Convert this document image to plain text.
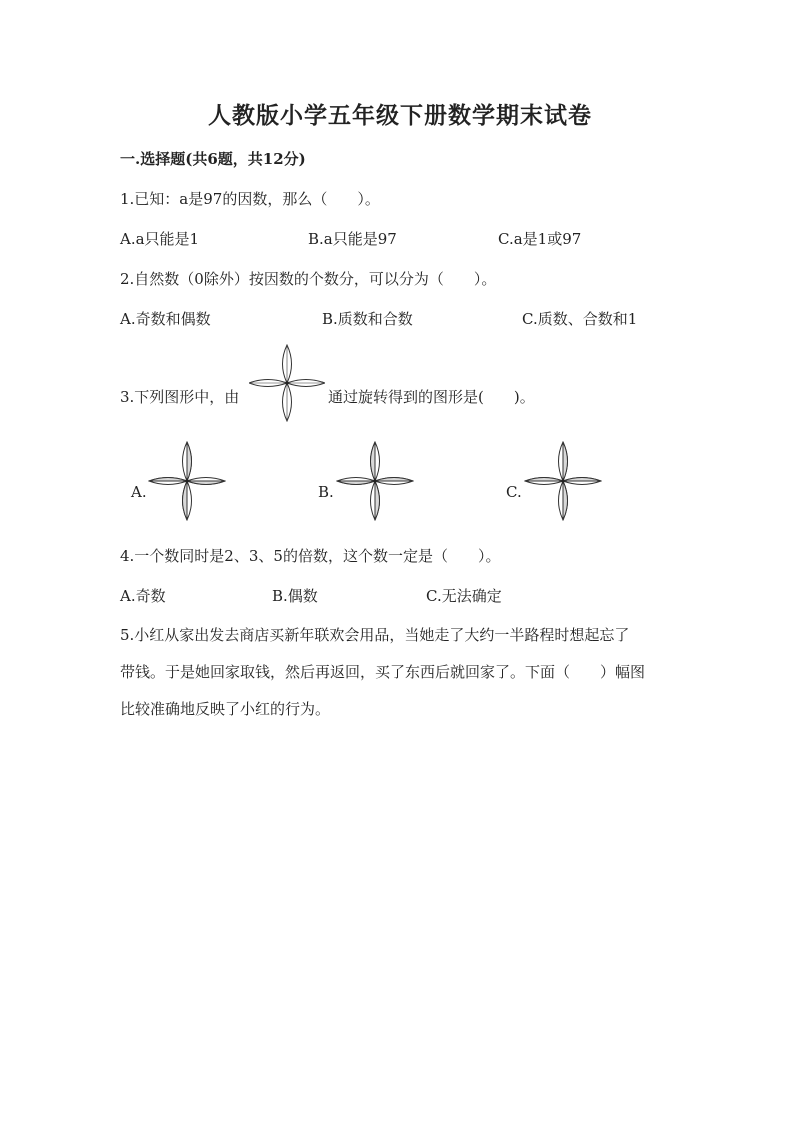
人教版小学五年级下册数学期末试卷
一.选择题(共6题，共12分)
1.已知：a是97的因数，那么（　　）。
A.a只能是1	B.a只能是97	C.a是1或97
2.自然数（0除外）按因数的个数分，可以分为（　　）。
A.奇数和偶数	B.质数和合数	C.质数、合数和1
3.下列图形中，由	通过旋转得到的图形是(　　)。
A.	B.	C.
4.一个数同时是2、3、5的倍数，这个数一定是（　　）。
A.奇数	B.偶数	C.无法确定
5.小红从家出发去商店买新年联欢会用品，当她走了大约一半路程时想起忘了
带钱。于是她回家取钱，然后再返回，买了东西后就回家了。下面（　　）幅图
比较准确地反映了小红的行为。
